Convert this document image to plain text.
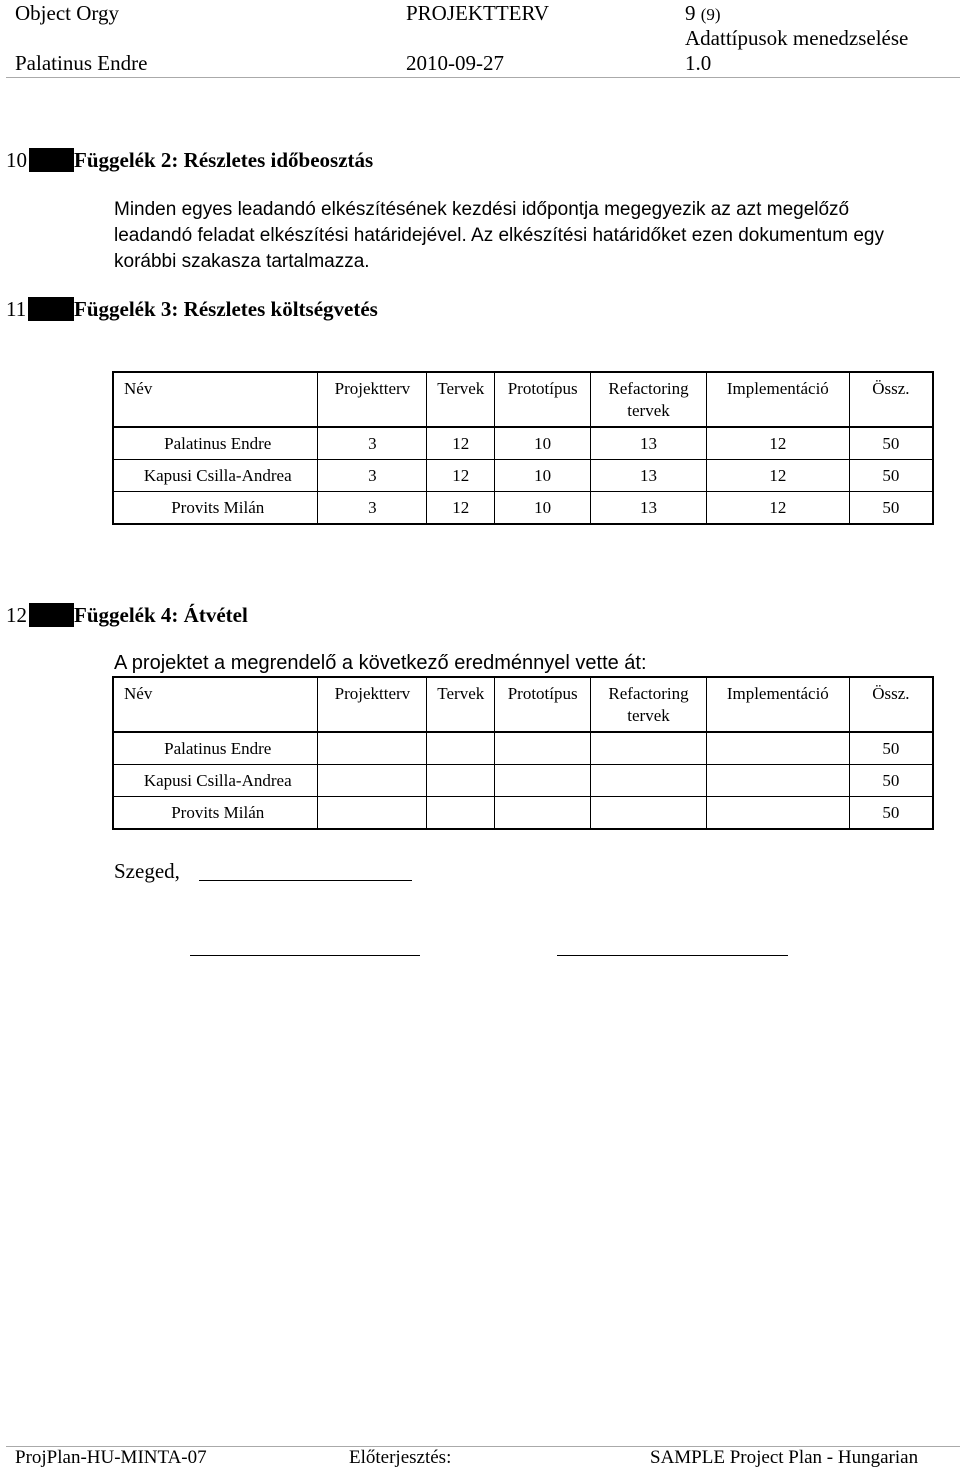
Object Orgy	PROJEKTTERV	9 (9)
Adattípusok menedzselése
Palatinus Endre	2010-09-27	1.0
10	Függelék 2: Részletes időbeosztás
Minden egyes leadandó elkészítésének kezdési időpontja megegyezik az azt megelőző
leadandó feladat elkészítési határidejével. Az elkészítési határidőket ezen dokumentum egy
korábbi szakasza tartalmazza.
11	Függelék 3: Részletes költségvetés
Név	Projektterv	Tervek	Prototípus	Refactoring tervek	Implementáció	Össz.
Palatinus Endre	3	12	10	13	12	50
Kapusi Csilla-Andrea	3	12	10	13	12	50
Provits Milán	3	12	10	13	12	50
12	Függelék 4: Átvétel
A projektet a megrendelő a következő eredménnyel vette át:
Név	Projektterv	Tervek	Prototípus	Refactoring tervek	Implementáció	Össz.
Palatinus Endre						50
Kapusi Csilla-Andrea						50
Provits Milán						50
Szeged,
ProjPlan-HU-MINTA-07	Előterjesztés:	SAMPLE Project Plan - Hungarian
